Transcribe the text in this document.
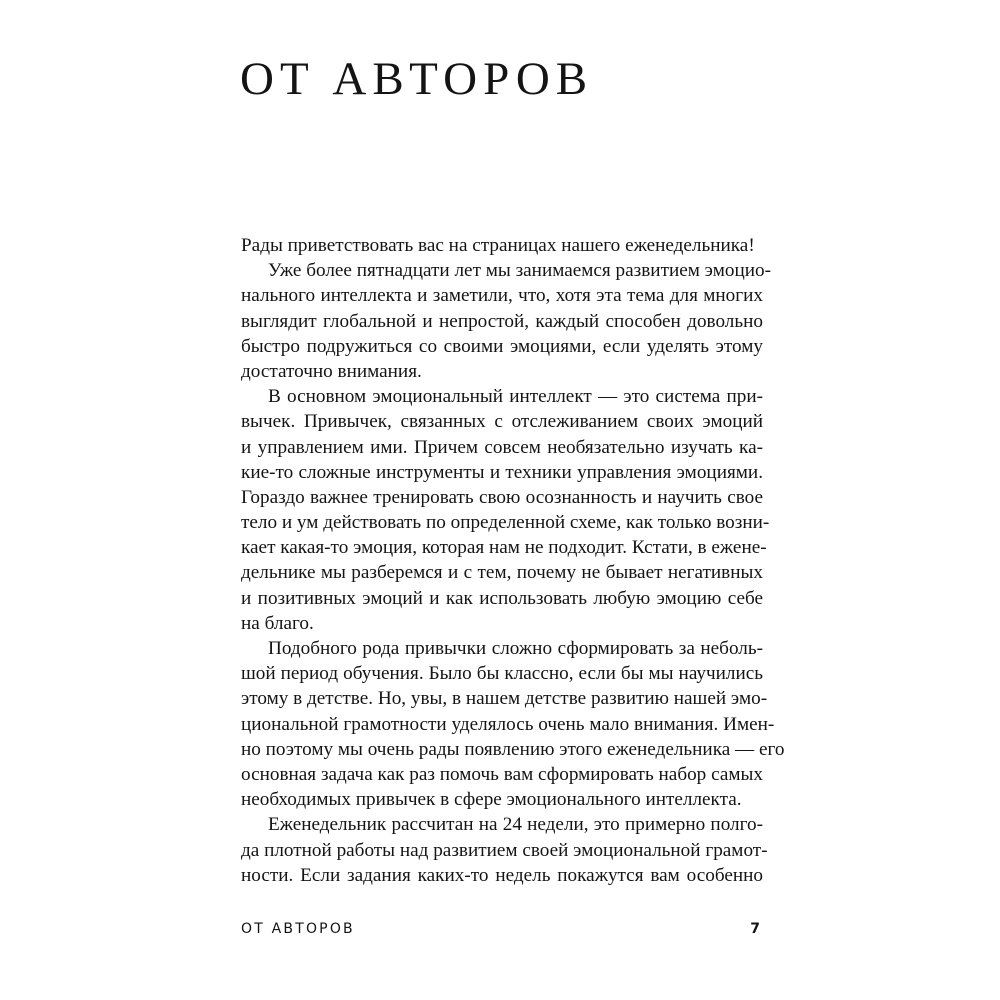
ОТ АВТОРОВ
Рады приветствовать вас на страницах нашего еженедельника!
Уже более пятнадцати лет мы занимаемся развитием эмоцио-
нального интеллекта и заметили, что, хотя эта тема для многих
выглядит глобальной и непростой, каждый способен довольно
быстро подружиться со своими эмоциями, если уделять этому
достаточно внимания.
В основном эмоциональный интеллект — это система при-
вычек. Привычек, связанных с отслеживанием своих эмоций
и управлением ими. Причем совсем необязательно изучать ка-
кие-то сложные инструменты и техники управления эмоциями.
Гораздо важнее тренировать свою осознанность и научить свое
тело и ум действовать по определенной схеме, как только возни-
кает какая-то эмоция, которая нам не подходит. Кстати, в еженe-
дельнике мы разберемся и с тем, почему не бывает негативных
и позитивных эмоций и как использовать любую эмоцию себе
на благо.
Подобного рода привычки сложно сформировать за неболь-
шой период обучения. Было бы классно, если бы мы научились
этому в детстве. Но, увы, в нашем детстве развитию нашей эмо-
циональной грамотности уделялось очень мало внимания. Имен-
но поэтому мы очень рады появлению этого еженедельника — его
основная задача как раз помочь вам сформировать набор самых
необходимых привычек в сфере эмоционального интеллекта.
Еженедельник рассчитан на 24 недели, это примерно полго-
да плотной работы над развитием своей эмоциональной грамот-
ности. Если задания каких-то недель покажутся вам особенно
ОТ АВТОРОВ	7
